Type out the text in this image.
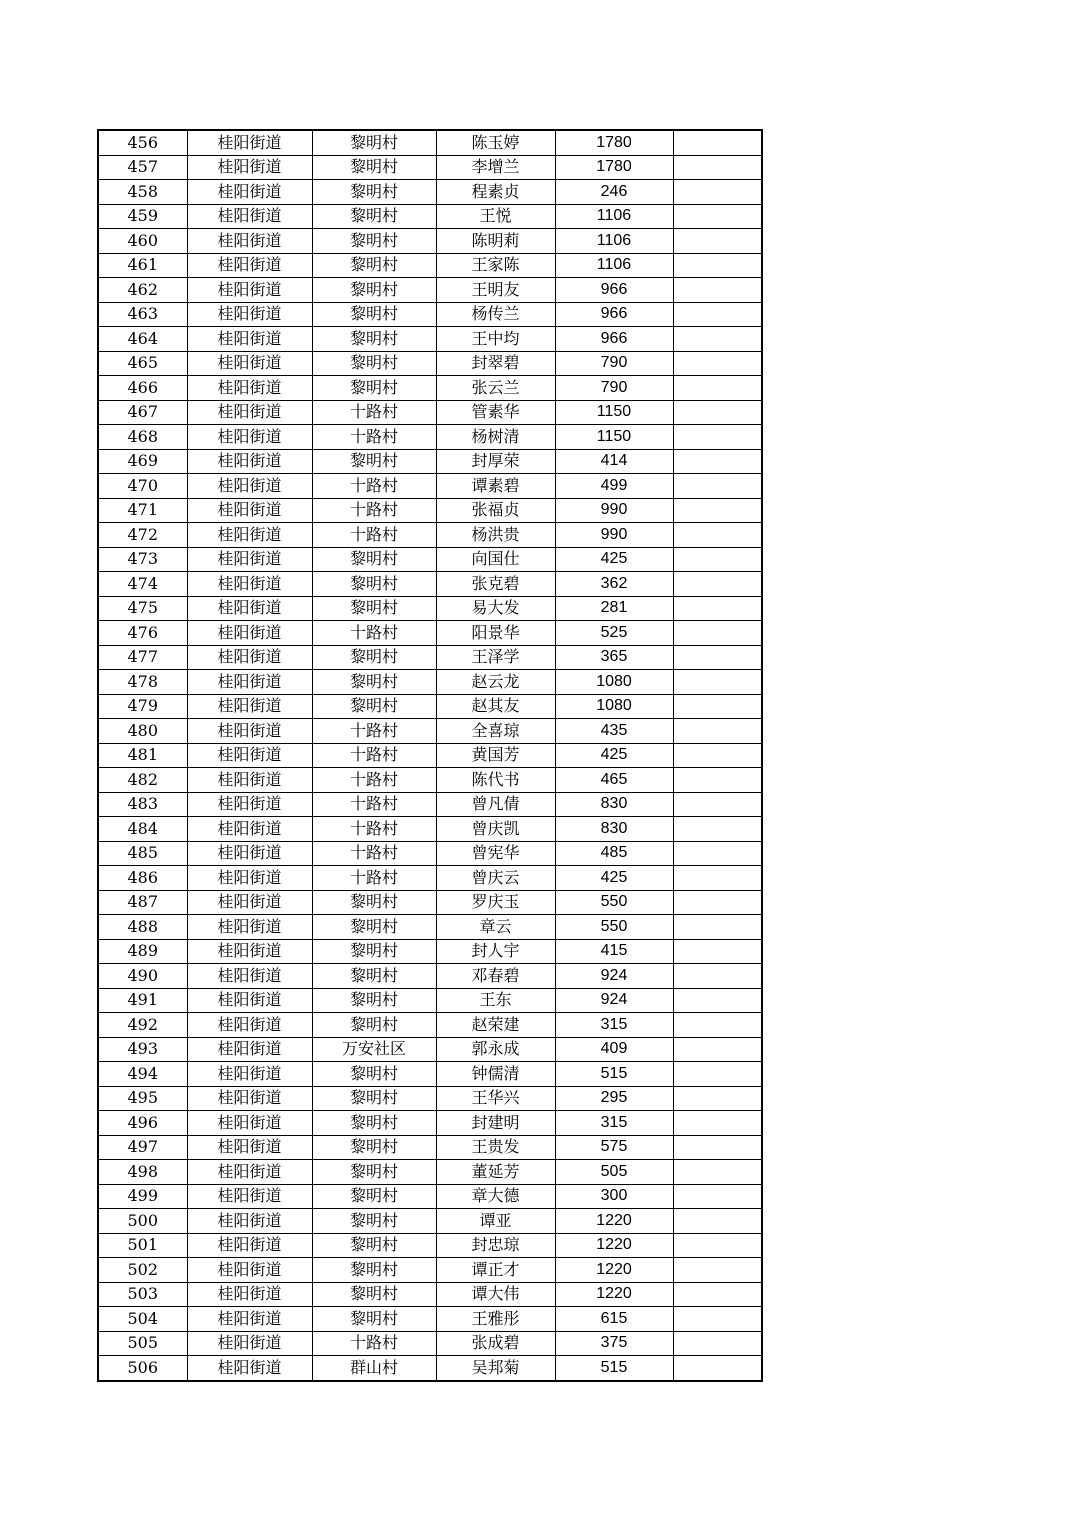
456	桂阳街道	黎明村	陈玉婷	1780	
457	桂阳街道	黎明村	李增兰	1780	
458	桂阳街道	黎明村	程素贞	246	
459	桂阳街道	黎明村	王悦	1106	
460	桂阳街道	黎明村	陈明莉	1106	
461	桂阳街道	黎明村	王家陈	1106	
462	桂阳街道	黎明村	王明友	966	
463	桂阳街道	黎明村	杨传兰	966	
464	桂阳街道	黎明村	王中均	966	
465	桂阳街道	黎明村	封翠碧	790	
466	桂阳街道	黎明村	张云兰	790	
467	桂阳街道	十路村	管素华	1150	
468	桂阳街道	十路村	杨树清	1150	
469	桂阳街道	黎明村	封厚荣	414	
470	桂阳街道	十路村	谭素碧	499	
471	桂阳街道	十路村	张福贞	990	
472	桂阳街道	十路村	杨洪贵	990	
473	桂阳街道	黎明村	向国仕	425	
474	桂阳街道	黎明村	张克碧	362	
475	桂阳街道	黎明村	易大发	281	
476	桂阳街道	十路村	阳景华	525	
477	桂阳街道	黎明村	王泽学	365	
478	桂阳街道	黎明村	赵云龙	1080	
479	桂阳街道	黎明村	赵其友	1080	
480	桂阳街道	十路村	全喜琼	435	
481	桂阳街道	十路村	黄国芳	425	
482	桂阳街道	十路村	陈代书	465	
483	桂阳街道	十路村	曾凡倩	830	
484	桂阳街道	十路村	曾庆凯	830	
485	桂阳街道	十路村	曾宪华	485	
486	桂阳街道	十路村	曾庆云	425	
487	桂阳街道	黎明村	罗庆玉	550	
488	桂阳街道	黎明村	章云	550	
489	桂阳街道	黎明村	封人宇	415	
490	桂阳街道	黎明村	邓春碧	924	
491	桂阳街道	黎明村	王东	924	
492	桂阳街道	黎明村	赵荣建	315	
493	桂阳街道	万安社区	郭永成	409	
494	桂阳街道	黎明村	钟儒清	515	
495	桂阳街道	黎明村	王华兴	295	
496	桂阳街道	黎明村	封建明	315	
497	桂阳街道	黎明村	王贵发	575	
498	桂阳街道	黎明村	董延芳	505	
499	桂阳街道	黎明村	章大德	300	
500	桂阳街道	黎明村	谭亚	1220	
501	桂阳街道	黎明村	封忠琼	1220	
502	桂阳街道	黎明村	谭正才	1220	
503	桂阳街道	黎明村	谭大伟	1220	
504	桂阳街道	黎明村	王雅彤	615	
505	桂阳街道	十路村	张成碧	375	
506	桂阳街道	群山村	吴邦菊	515	
